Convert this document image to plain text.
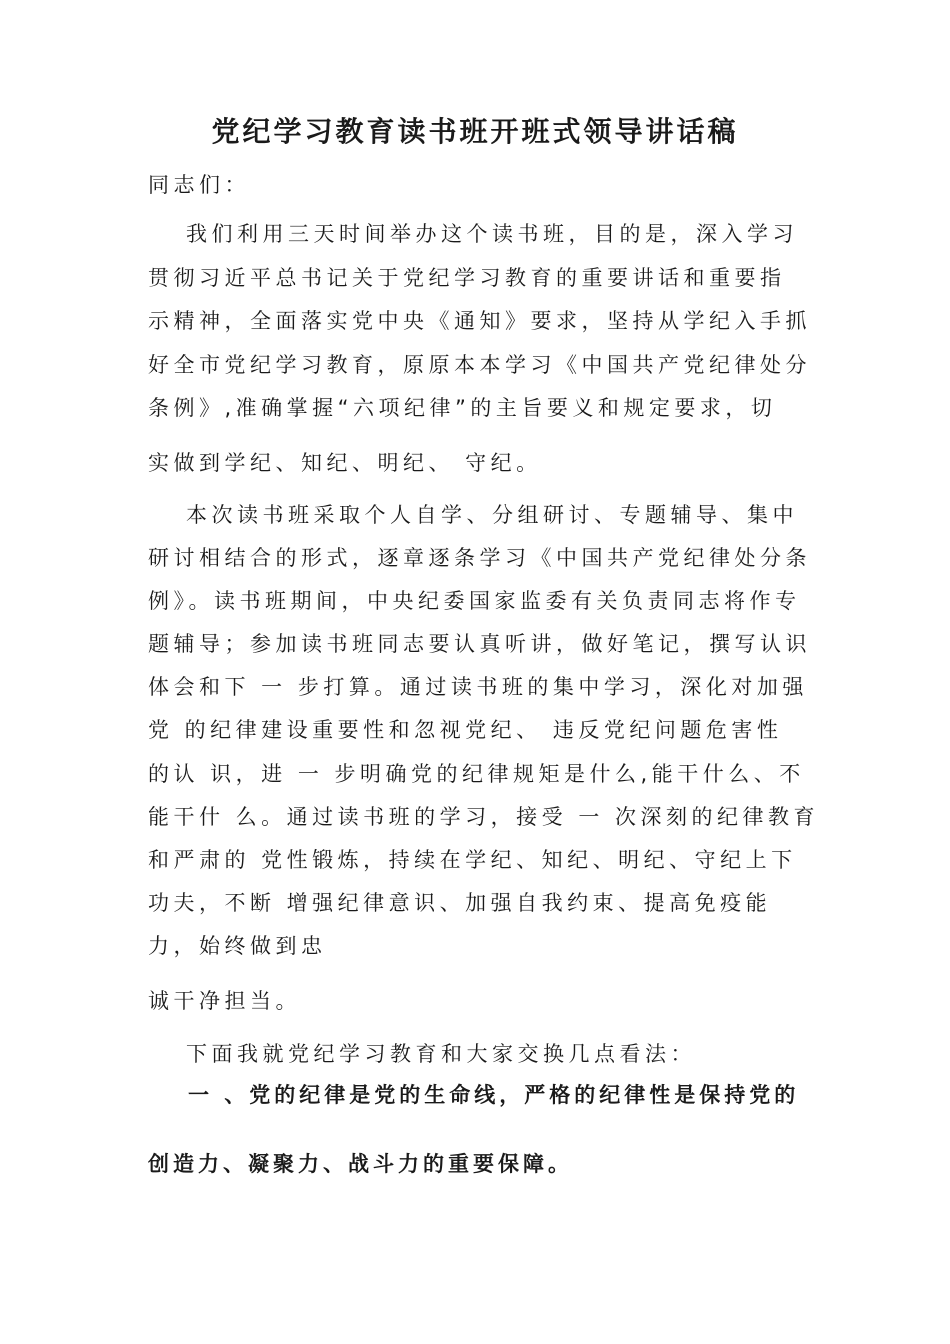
党纪学习教育读书班开班式领导讲话稿
同志们：
我们利用三天时间举办这个读书班，目的是，深入学习
贯彻习近平总书记关于党纪学习教育的重要讲话和重要指
示精神，全面落实党中央《通知》要求，坚持从学纪入手抓
好全市党纪学习教育，原原本本学习《中国共产党纪律处分
条例》,准确掌握“六项纪律”的主旨要义和规定要求，切
实做到学纪、知纪、明纪、 守纪。
本次读书班采取个人自学、分组研讨、专题辅导、集中
研讨相结合的形式，逐章逐条学习《中国共产党纪律处分条
例》。读书班期间，中央纪委国家监委有关负责同志将作专
题辅导；参加读书班同志要认真听讲，做好笔记，撰写认识
体会和下 一 步打算。通过读书班的集中学习，深化对加强
党 的纪律建设重要性和忽视党纪、 违反党纪问题危害性
的认 识，进 一 步明确党的纪律规矩是什么,能干什么、不
能干什 么。通过读书班的学习，接受 一 次深刻的纪律教育
和严肃的 党性锻炼，持续在学纪、知纪、明纪、守纪上下
功夫，不断 增强纪律意识、加强自我约束、提高免疫能
力，始终做到忠
诚干净担当。
下面我就党纪学习教育和大家交换几点看法：
一 、党的纪律是党的生命线，严格的纪律性是保持党的
创造力、凝聚力、战斗力的重要保障。
